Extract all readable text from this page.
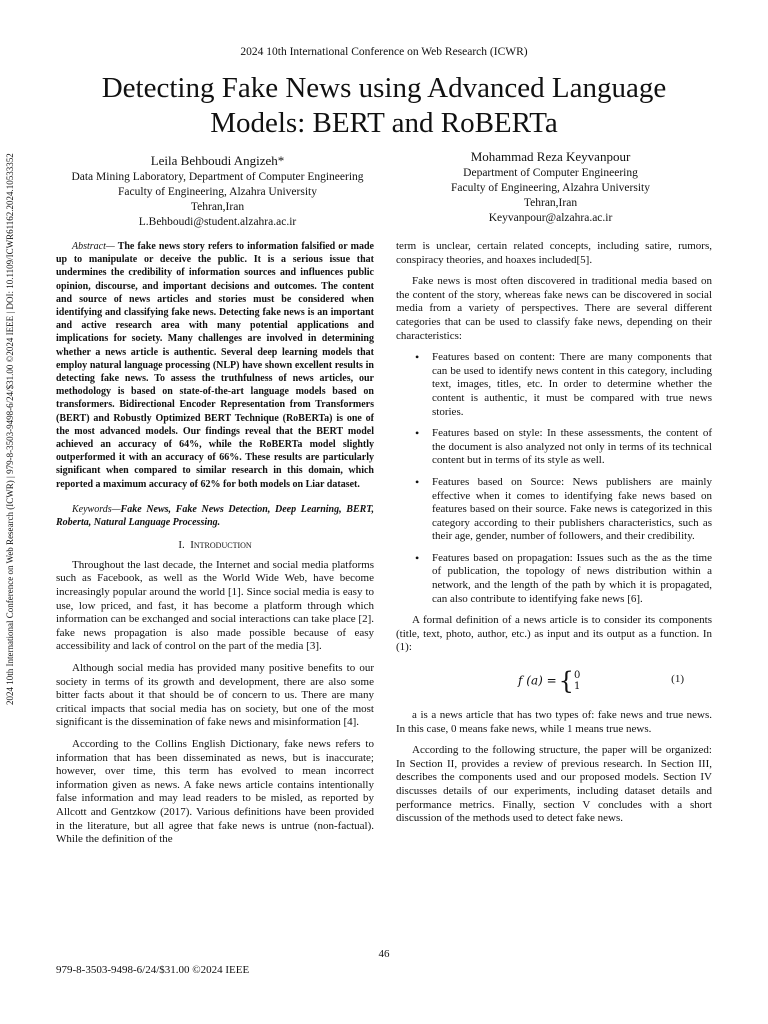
2024 10th International Conference on Web Research (ICWR)
Detecting Fake News using Advanced Language Models: BERT and RoBERTa
Leila Behboudi Angizeh*
Data Mining Laboratory, Department of Computer Engineering
Faculty of Engineering, Alzahra University
Tehran,Iran
L.Behboudi@student.alzahra.ac.ir
Mohammad Reza Keyvanpour
Department of Computer Engineering
Faculty of Engineering, Alzahra University
Tehran,Iran
Keyvanpour@alzahra.ac.ir
2024 10th International Conference on Web Research (ICWR) | 979-8-3503-9498-6/24/$31.00 ©2024 IEEE | DOI: 10.1109/ICWR61162.2024.10533352	Abstract— The fake news story refers to information falsified or made up to manipulate or deceive the public. It is a serious issue that undermines the credibility of information sources and influences public opinion, discourse, and important decisions and outcomes. The content and source of news articles and stories must be considered when identifying and classifying fake news. Detecting fake news is an important and active research area with many potential applications and implications for society. Many challenges are involved in determining whether a news article is authentic. Several deep learning models that employ natural language processing (NLP) have shown excellent results in detecting fake news. To assess the truthfulness of news articles, our methodology is based on state-of-the-art language models based on transformers. Bidirectional Encoder Representation from Transformers (BERT) and Robustly Optimized BERT Technique (RoBERTa) is one of the most advanced models. Our findings reveal that the BERT model achieved an accuracy of 64%, while the RoBERTa model slightly outperformed it with an accuracy of 66%. These results are particularly significant when compared to similar research in this domain, which reported a maximum accuracy of 62% for both models on Liar dataset.

Keywords—Fake News, Fake News Detection, Deep Learning, BERT, Roberta, Natural Language Processing.

I. Introduction

Throughout the last decade, the Internet and social media platforms such as Facebook, as well as the World Wide Web, have become increasingly popular around the world [1]. Since social media is easy to use, low priced, and fast, it has become a platform through which information can be exchanged and social interactions can take place [2]. fake news propagation is also made possible because of easy accessibility and lack of control on the part of the media [3].

Although social media has provided many positive benefits to our society in terms of its growth and development, there are also some bitter facts about it that should be of concern to us. There are many critical impacts that social media has on society, but one of the most significant is the dissemination of fake news and misinformation [4].

According to the Collins English Dictionary, fake news refers to information that has been disseminated as news, but is inaccurate; however, over time, this term has evolved to mean incorrect information given as news. A fake news article contains intentionally false information and may lead readers to be misled, as reported by Allcott and Gentzkow (2017). Various definitions have been provided in the literature, but all agree that fake news is untrue (non-factual). While the definition of the

term is unclear, certain related concepts, including satire, rumors, conspiracy theories, and hoaxes included[5].

Fake news is most often discovered in traditional media based on the content of the story, whereas fake news can be discovered in social media from a variety of perspectives. There are several different categories that can be used to classify fake news, depending on their characteristics:

• Features based on content: There are many components that can be used to identify news content in this category, including text, images, titles, etc. In order to determine whether the content is authentic, it must be compared with true news stories.
• Features based on style: In these assessments, the content of the document is also analyzed not only in terms of its technical content but in terms of its style as well.
• Features based on Source: News publishers are mainly effective when it comes to identifying fake news based on features based on their source. Fake news is categorized in this category according to their publishers characteristics, such as their age, gender, number of followers, and their credibility.
• Features based on propagation: Issues such as the as the time of publication, the topology of news distribution within a network, and the length of the path by which it is propagated, can also contribute to identifying fake news [6].

A formal definition of a news article is to consider its components (title, text, photo, author, etc.) as input and its output as a function. In (1):

f (a) ={0
1
(1)

a is a news article that has two types of: fake news and true news. In this case, 0 means fake news, while 1 means true news.

According to the following structure, the paper will be organized: In Section II, provides a review of previous research. In Section III, describes the components used and our proposed models. Section IV discusses details of our experiments, including dataset details and performance metrics. Finally, section V concludes with a short discussion of the methods used to detect fake news.

46
979-8-3503-9498-6/24/$31.00 ©2024 IEEE
